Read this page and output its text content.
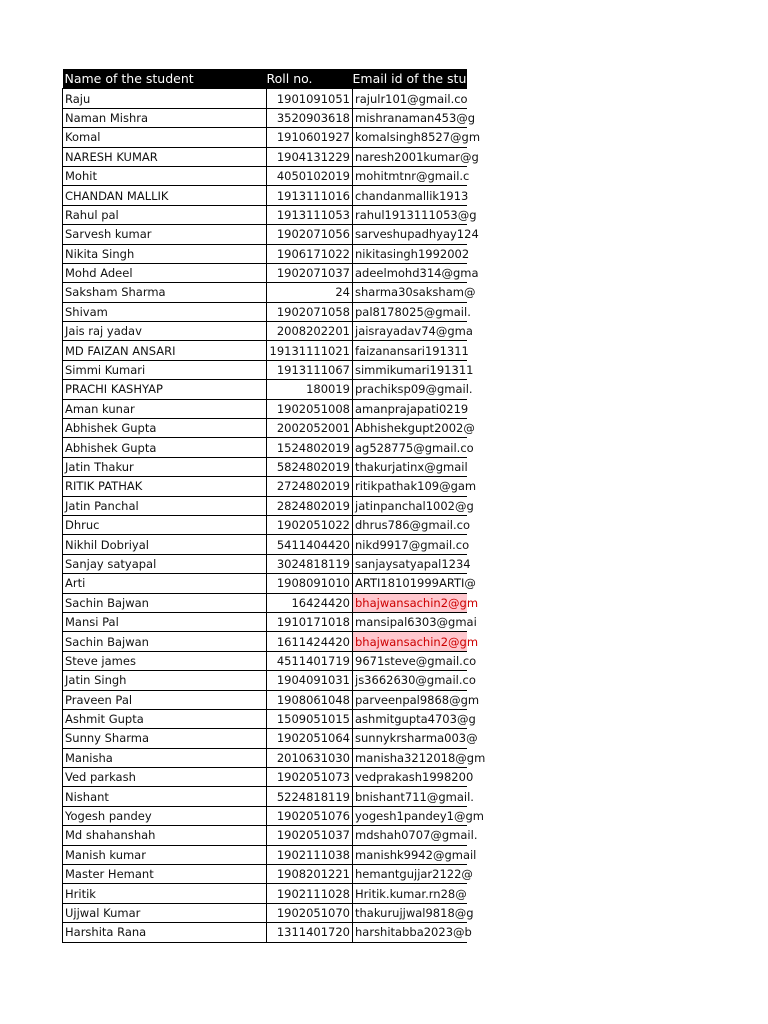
Name of the student	Roll no.	Email id of the stu
Raju	1901091051	rajulr101@gmail.co
Naman Mishra	3520903618	mishranaman453@g
Komal	1910601927	komalsingh8527@gm
NARESH KUMAR	1904131229	naresh2001kumar@g
Mohit	4050102019	mohitmtnr@gmail.c
CHANDAN MALLIK	1913111016	chandanmallik1913
Rahul pal	1913111053	rahul1913111053@g
Sarvesh kumar	1902071056	sarveshupadhyay124
Nikita Singh	1906171022	nikitasingh1992002
Mohd Adeel	1902071037	adeelmohd314@gma
Saksham Sharma	24	sharma30saksham@
Shivam	1902071058	pal8178025@gmail.
Jais raj yadav	2008202201	jaisrayadav74@gma
MD FAIZAN ANSARI	19131111021	faizanansari191311
Simmi Kumari	1913111067	simmikumari191311
PRACHI KASHYAP	180019	prachiksp09@gmail.
Aman kunar	1902051008	amanprajapati0219
Abhishek Gupta	2002052001	Abhishekgupt2002@
Abhishek Gupta	1524802019	ag528775@gmail.co
Jatin Thakur	5824802019	thakurjatinx@gmail
RITIK PATHAK	2724802019	ritikpathak109@gam
Jatin Panchal	2824802019	jatinpanchal1002@g
Dhruc	1902051022	dhrus786@gmail.co
Nikhil Dobriyal	5411404420	nikd9917@gmail.co
Sanjay satyapal	3024818119	sanjaysatyapal1234
Arti	1908091010	ARTI18101999ARTI@
Sachin Bajwan	16424420	bhajwansachin2@gm
Mansi Pal	1910171018	mansipal6303@gmai
Sachin Bajwan	1611424420	bhajwansachin2@gm
Steve james	4511401719	9671steve@gmail.co
Jatin Singh	1904091031	js3662630@gmail.co
Praveen Pal	1908061048	parveenpal9868@gm
Ashmit Gupta	1509051015	ashmitgupta4703@g
Sunny Sharma	1902051064	sunnykrsharma003@
Manisha	2010631030	manisha3212018@gm
Ved parkash	1902051073	vedprakash1998200
Nishant	5224818119	bnishant711@gmail.
Yogesh pandey	1902051076	yogesh1pandey1@gm
Md shahanshah	1902051037	mdshah0707@gmail.
Manish kumar	1902111038	manishk9942@gmail
Master Hemant	1908201221	hemantgujjar2122@
Hritik	1902111028	Hritik.kumar.rn28@
Ujjwal Kumar	1902051070	thakurujjwal9818@g
Harshita Rana	1311401720	harshitabba2023@b
